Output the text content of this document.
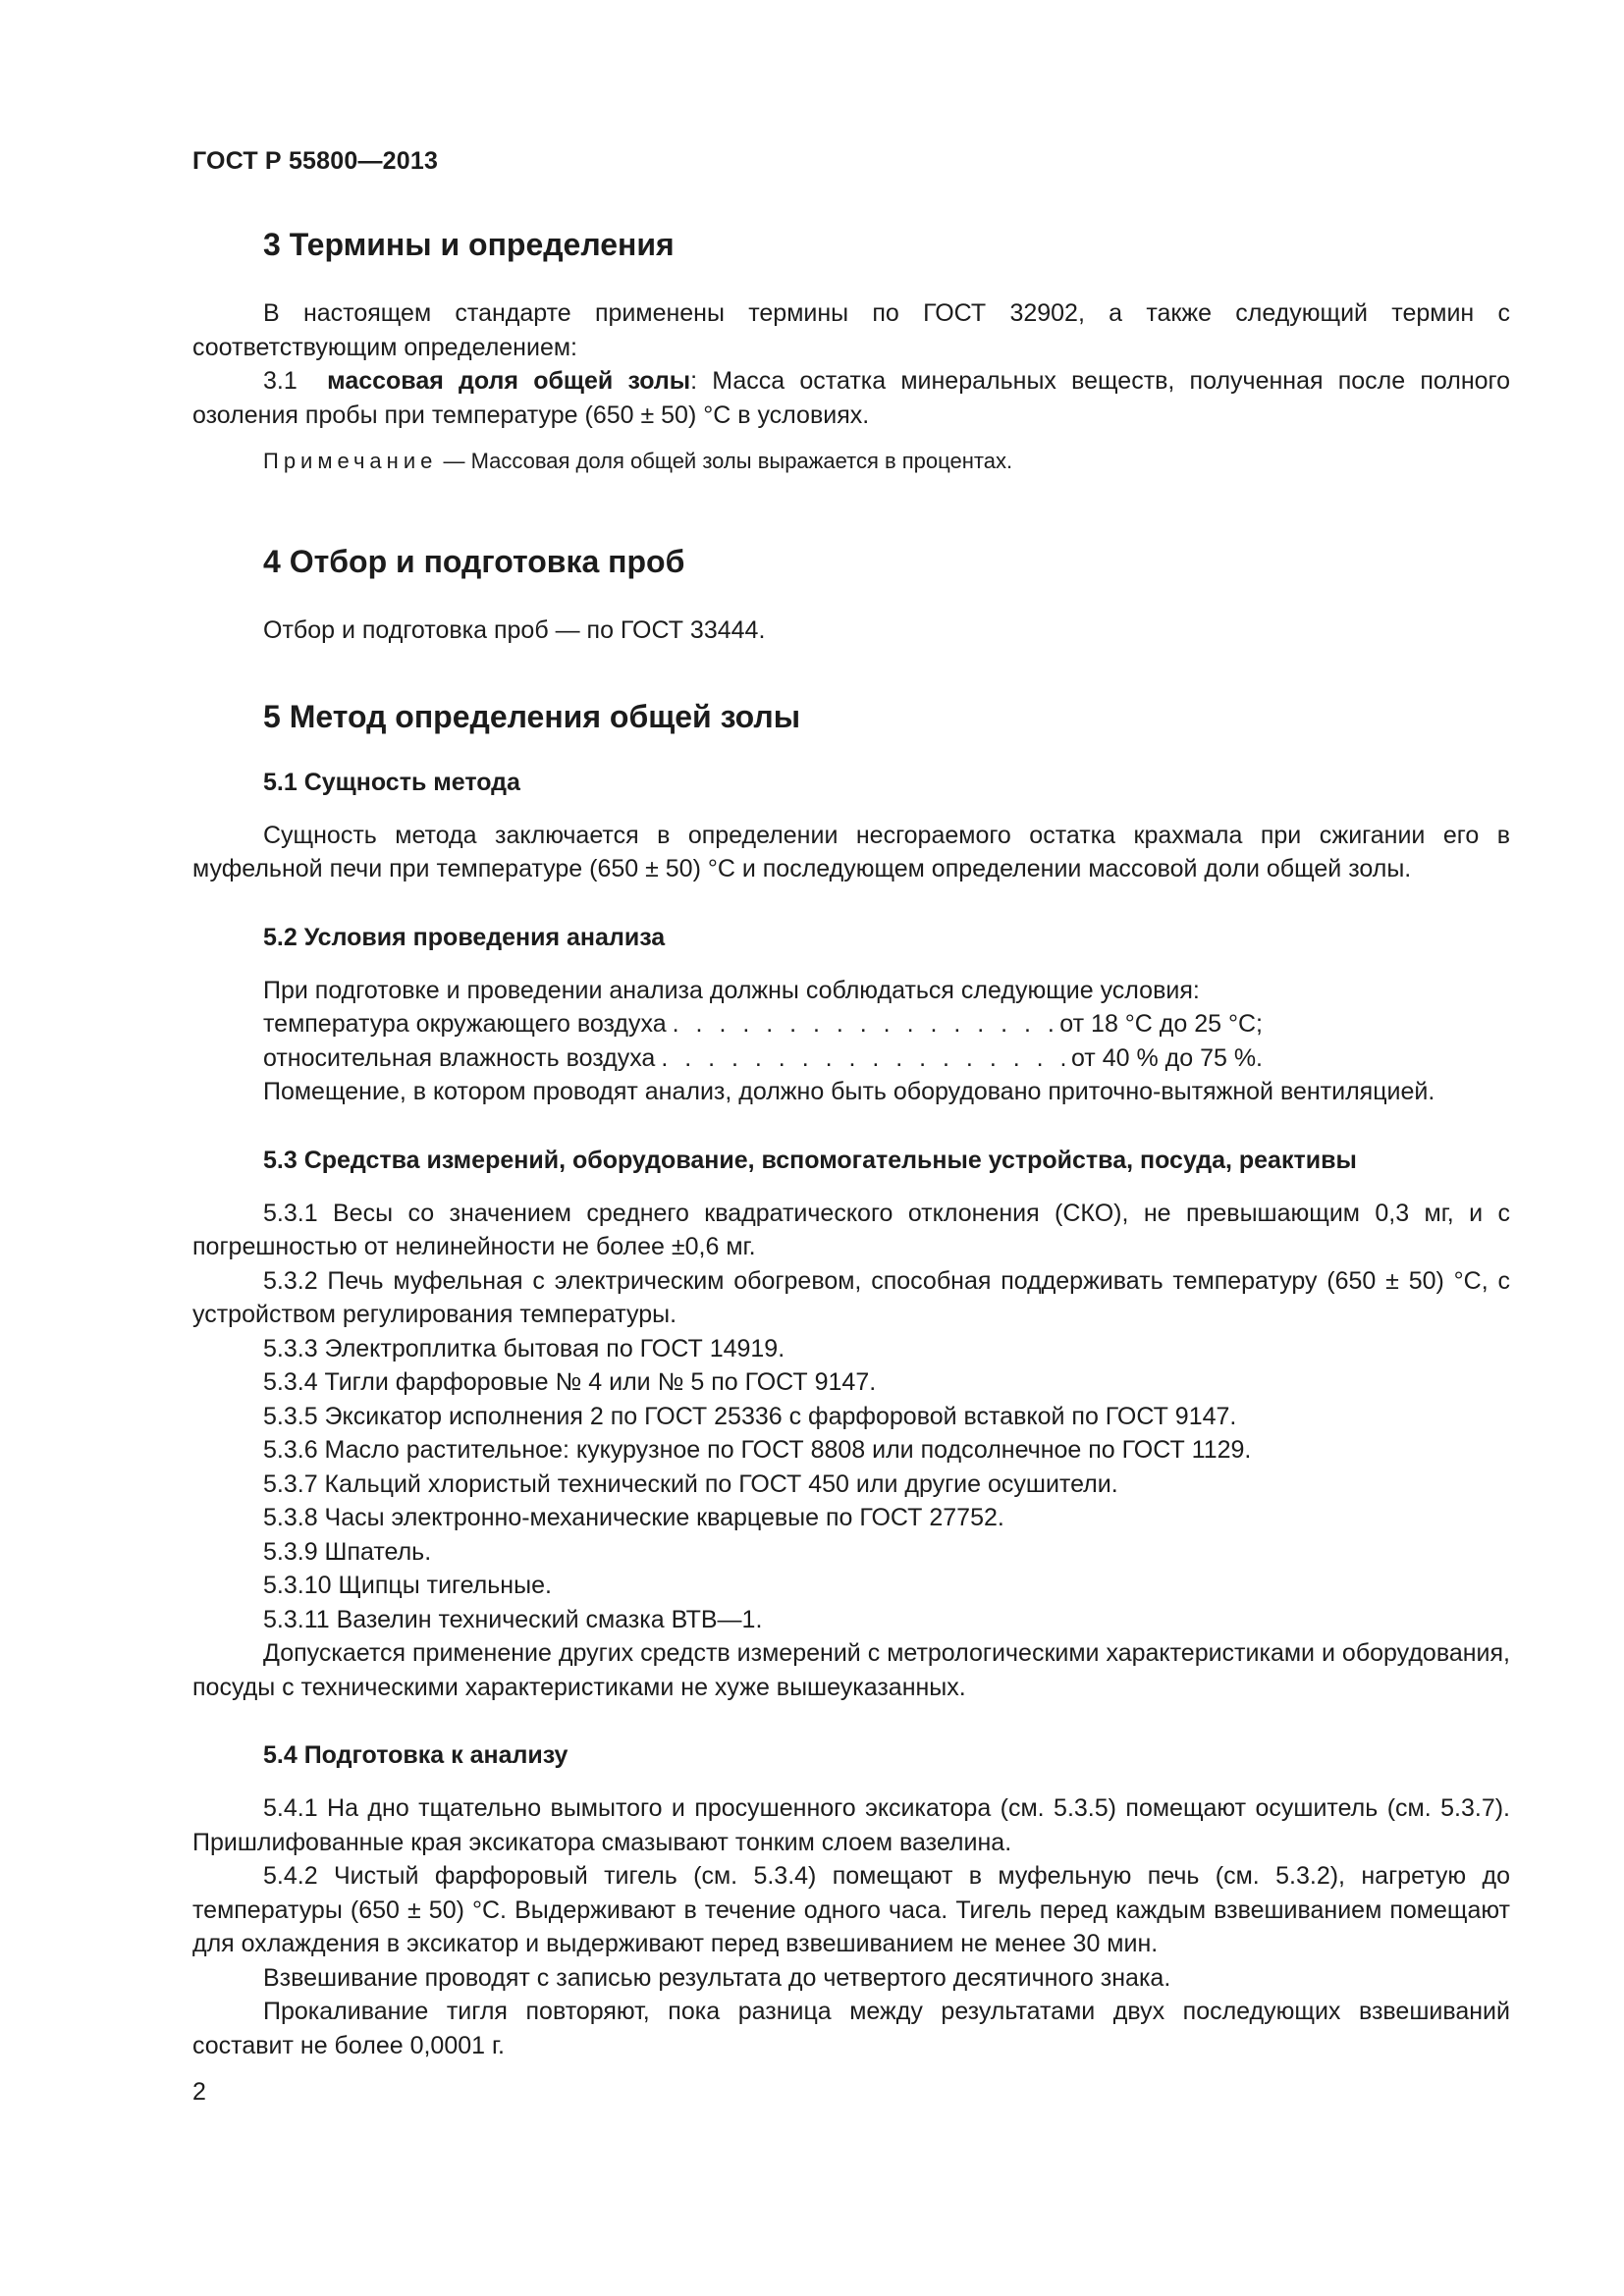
ГОСТ Р 55800—2013
3 Термины и определения

В настоящем стандарте применены термины по ГОСТ 32902, а также следующий термин с соответствующим определением:

3.1 массовая доля общей золы: Масса остатка минеральных веществ, полученная после полного озоления пробы при температуре (650 ± 50) °С в условиях.

Примечание — Массовая доля общей золы выражается в процентах.
4 Отбор и подготовка проб

Отбор и подготовка проб — по ГОСТ 33444.

5 Метод определения общей золы
5.1 Сущность метода

Сущность метода заключается в определении несгораемого остатка крахмала при сжигании его в муфельной печи при температуре (650 ± 50) °С и последующем определении массовой доли общей золы.

5.2 Условия проведения анализа

При подготовке и проведении анализа должны соблюдаться следующие условия:

температура окружающего воздуха . . .	от 18 °С до 25 °С;
относительная влажность воздуха . . .	от 40 % до 75 %.

Помещение, в котором проводят анализ, должно быть оборудовано приточно-вытяжной вентиляцией.

5.3 Средства измерений, оборудование, вспомогательные устройства, посуда, реактивы

5.3.1 Весы со значением среднего квадратического отклонения (СКО), не превышающим 0,3 мг, и с погрешностью от нелинейности не более ±0,6 мг.

5.3.2 Печь муфельная с электрическим обогревом, способная поддерживать температуру (650 ± 50) °С, с устройством регулирования температуры.

5.3.3 Электроплитка бытовая по ГОСТ 14919.

5.3.4 Тигли фарфоровые № 4 или № 5 по ГОСТ 9147.

5.3.5 Эксикатор исполнения 2 по ГОСТ 25336 с фарфоровой вставкой по ГОСТ 9147.

5.3.6 Масло растительное: кукурузное по ГОСТ 8808 или подсолнечное по ГОСТ 1129.

5.3.7 Кальций хлористый технический по ГОСТ 450 или другие осушители.

5.3.8 Часы электронно-механические кварцевые по ГОСТ 27752.

5.3.9 Шпатель.

5.3.10 Щипцы тигельные.

5.3.11 Вазелин технический смазка ВТВ—1.

Допускается применение других средств измерений с метрологическими характеристиками и оборудования, посуды с техническими характеристиками не хуже вышеуказанных.

5.4 Подготовка к анализу

5.4.1 На дно тщательно вымытого и просушенного эксикатора (см. 5.3.5) помещают осушитель (см. 5.3.7). Пришлифованные края эксикатора смазывают тонким слоем вазелина.

5.4.2 Чистый фарфоровый тигель (см. 5.3.4) помещают в муфельную печь (см. 5.3.2), нагретую до температуры (650 ± 50) °С. Выдерживают в течение одного часа. Тигель перед каждым взвешиванием помещают для охлаждения в эксикатор и выдерживают перед взвешиванием не менее 30 мин.

Взвешивание проводят с записью результата до четвертого десятичного знака.

Прокаливание тигля повторяют, пока разница между результатами двух последующих взвешиваний составит не более 0,0001 г.

2
